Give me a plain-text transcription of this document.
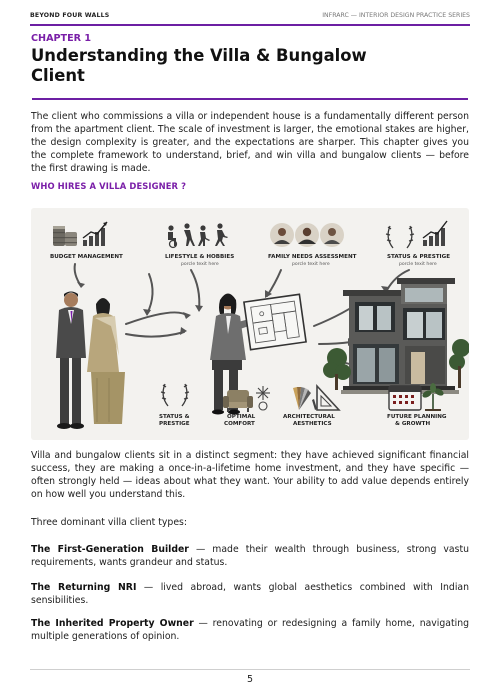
BEYOND FOUR WALLS	INFRARC — INTERIOR DESIGN PRACTICE SERIES
CHAPTER 1
Understanding the Villa & Bungalow Client

The client who commissions a villa or independent house is a fundamentally different person from the apartment client. The scale of investment is larger, the emotional stakes are higher, the design complexity is greater, and the expectations are sharper. This chapter gives you the complete framework to understand, brief, and win villa and bungalow clients — before the first drawing is made.

WHO HIRES A VILLA DESIGNER ?
BUDGET MANAGEMENT	LIFESTYLE & HOBBIES
porcle texit here
FAMILY NEEDS ASSESSMENT
porcle texit here
STATUS & PRESTIGE
porcle texit here
STATUS &
PRESTIGE
OPTIMAL
COMFORT
ARCHITECTURAL
AESTHETICS
FUTURE PLANNING
& GROWTH

Villa and bungalow clients sit in a distinct segment: they have achieved significant financial success, they are making a once-in-a-lifetime home investment, and they have specific — often strongly held — ideas about what they want. Your ability to add value depends entirely on how well you understand this.

Three dominant villa client types:

The First-Generation Builder — made their wealth through business, strong vastu requirements, wants grandeur and status.

The Returning NRI — lived abroad, wants global aesthetics combined with Indian sensibilities.

The Inherited Property Owner — renovating or redesigning a family home, navigating multiple generations of opinion.

5
